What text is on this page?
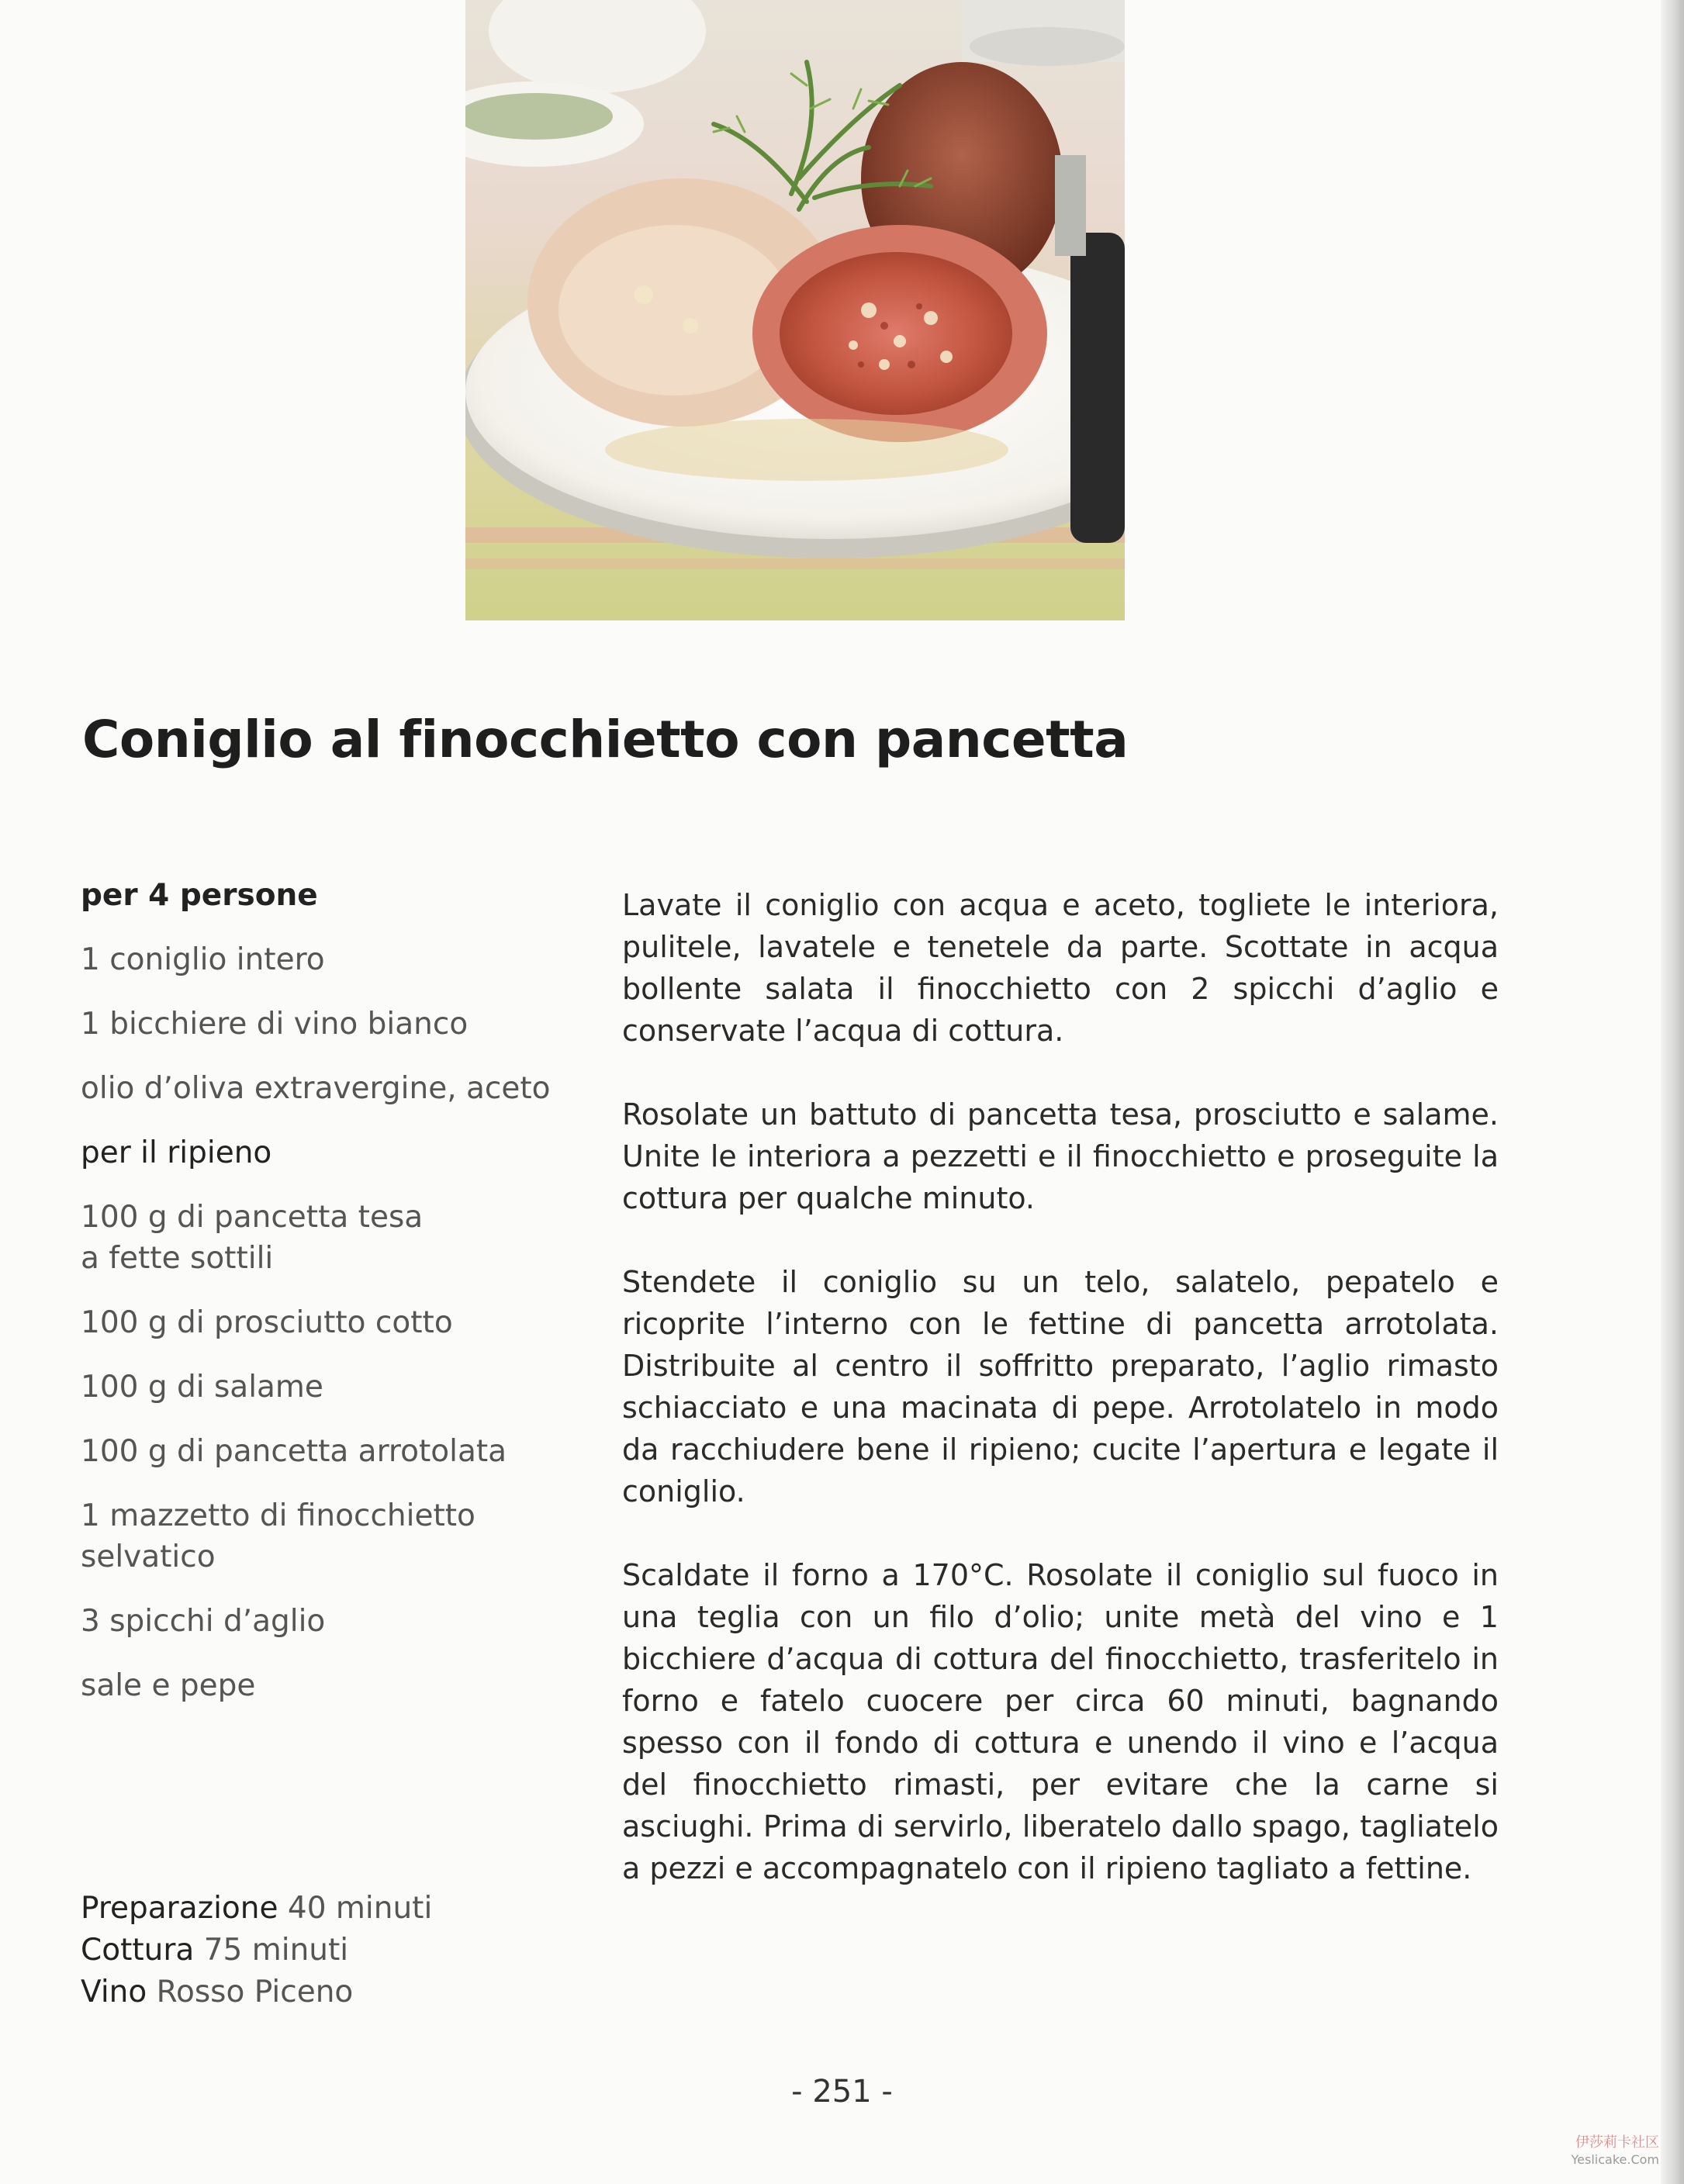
Coniglio al finocchietto con pancetta
per 4 persone
1 coniglio intero
1 bicchiere di vino bianco
olio d’oliva extravergine, aceto
per il ripieno
100 g di pancetta tesa
a fette sottili
100 g di prosciutto cotto
100 g di salame
100 g di pancetta arrotolata
1 mazzetto di finocchietto
selvatico
3 spicchi d’aglio
sale e pepe
Preparazione 40 minuti
Cottura 75 minuti
Vino Rosso Piceno

Lavate il coniglio con acqua e aceto, togliete le interiora, pulitele, lavatele e tenetele da parte. Scottate in acqua bollente salata il finocchietto con 2 spicchi d’aglio e conservate l’acqua di cottura.

Rosolate un battuto di pancetta tesa, prosciutto e salame. Unite le interiora a pezzetti e il finocchietto e proseguite la cottura per qualche minuto.

Stendete il coniglio su un telo, salatelo, pepatelo e ricoprite l’interno con le fettine di pancetta arrotolata. Distribuite al centro il soffritto preparato, l’aglio rimasto schiacciato e una macinata di pepe. Arrotolatelo in modo da racchiudere bene il ripieno; cucite l’apertura e legate il coniglio.

Scaldate il forno a 170°C. Rosolate il coniglio sul fuoco in una teglia con un filo d’olio; unite metà del vino e 1 bicchiere d’acqua di cottura del finocchietto, trasferitelo in forno e fatelo cuocere per circa 60 minuti, bagnando spesso con il fondo di cottura e unendo il vino e l’acqua del finocchietto rimasti, per evitare che la carne si asciughi. Prima di servirlo, liberatelo dallo spago, tagliatelo a pezzi e accompagnatelo con il ripieno tagliato a fettine.

- 251 -
伊莎莉卡社区
Yeslicake.Com
